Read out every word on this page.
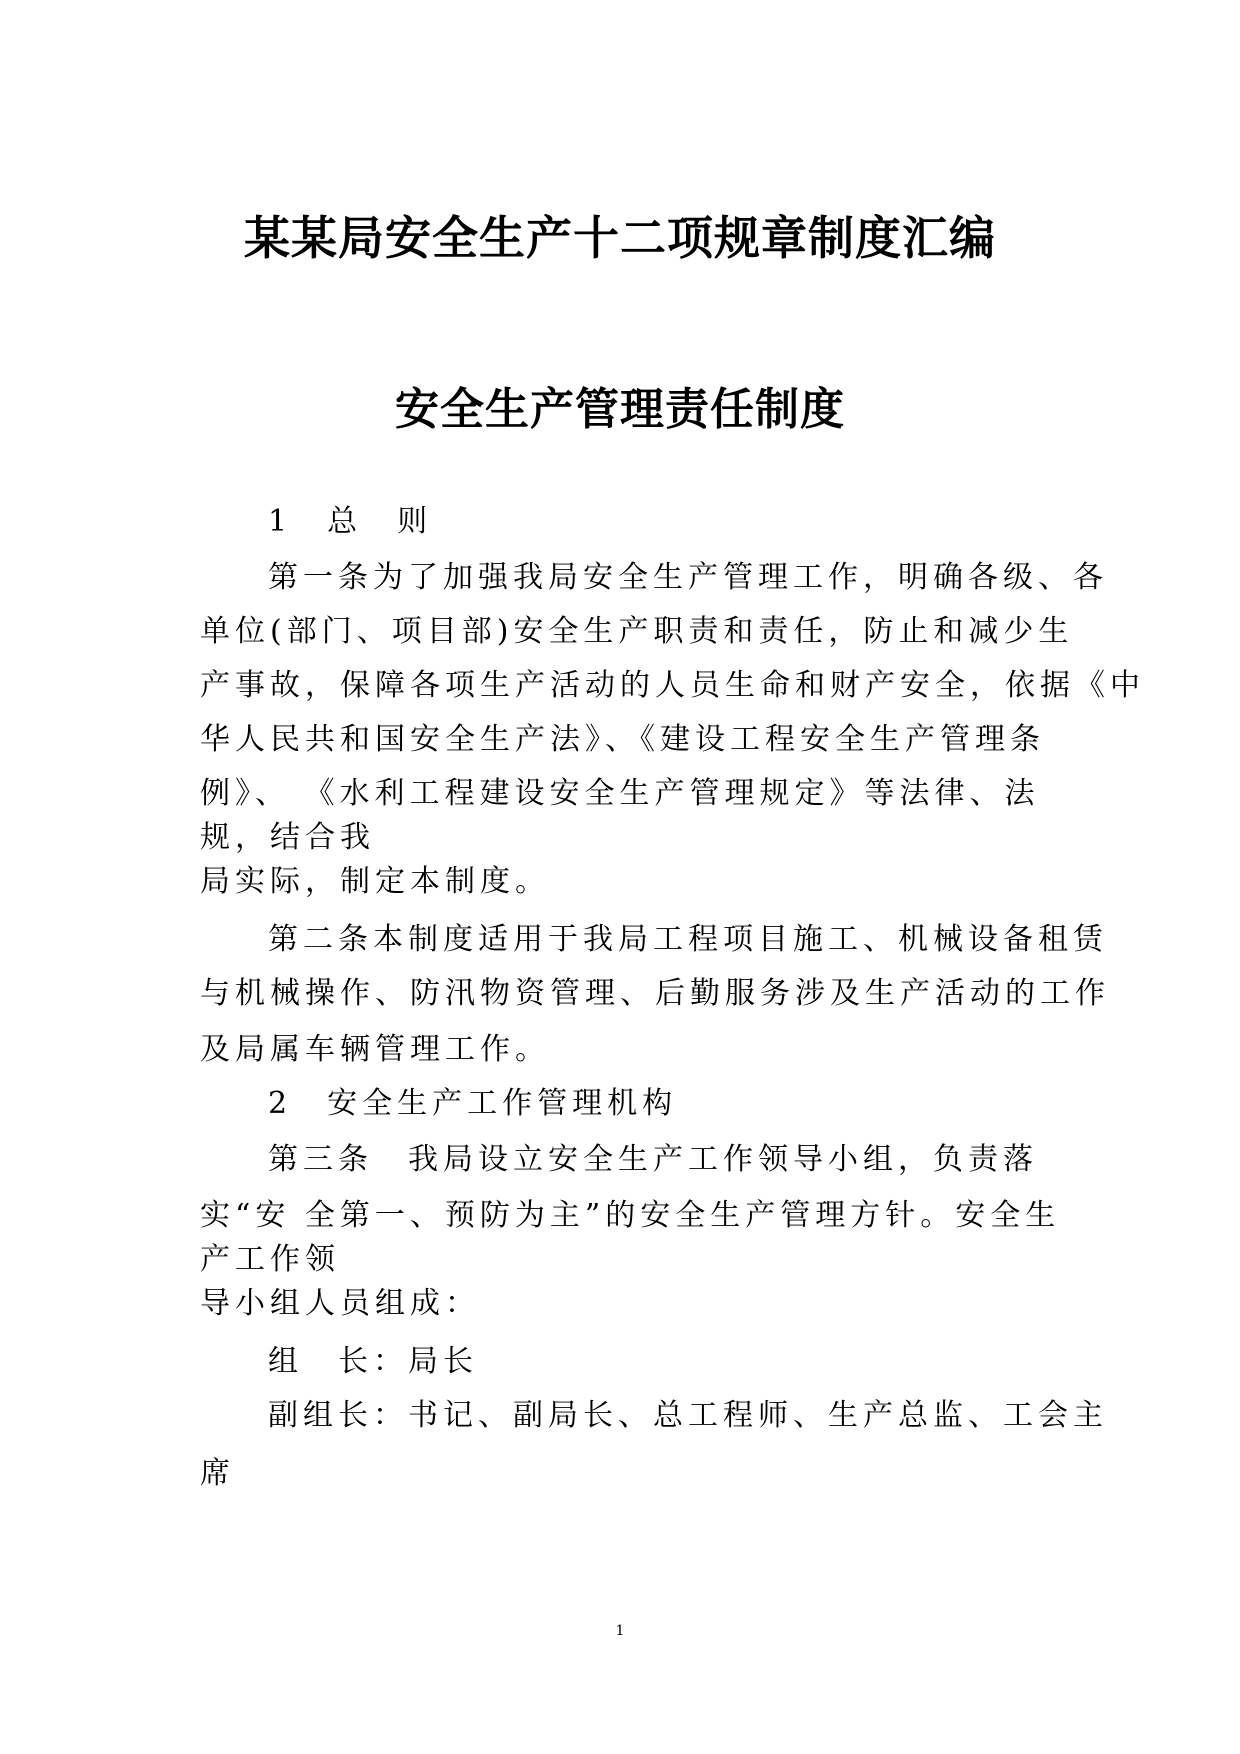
某某局安全生产十二项规章制度汇编
安全生产管理责任制度
1　总　则
第一条为了加强我局安全生产管理工作，明确各级、各
单位(部门、项目部)安全生产职责和责任，防止和减少生
产事故，保障各项生产活动的人员生命和财产安全，依据《中
华人民共和国安全生产法》、《建设工程安全生产管理条
例》、 《水利工程建设安全生产管理规定》等法律、法
规，结合我
局实际，制定本制度。
第二条本制度适用于我局工程项目施工、机械设备租赁
与机械操作、防汛物资管理、后勤服务涉及生产活动的工作
及局属车辆管理工作。
2　安全生产工作管理机构
第三条　我局设立安全生产工作领导小组，负责落
实“安 全第一、预防为主”的安全生产管理方针。安全生
产工作领
导小组人员组成：
组　长：局长
副组长：书记、副局长、总工程师、生产总监、工会主
席
1
